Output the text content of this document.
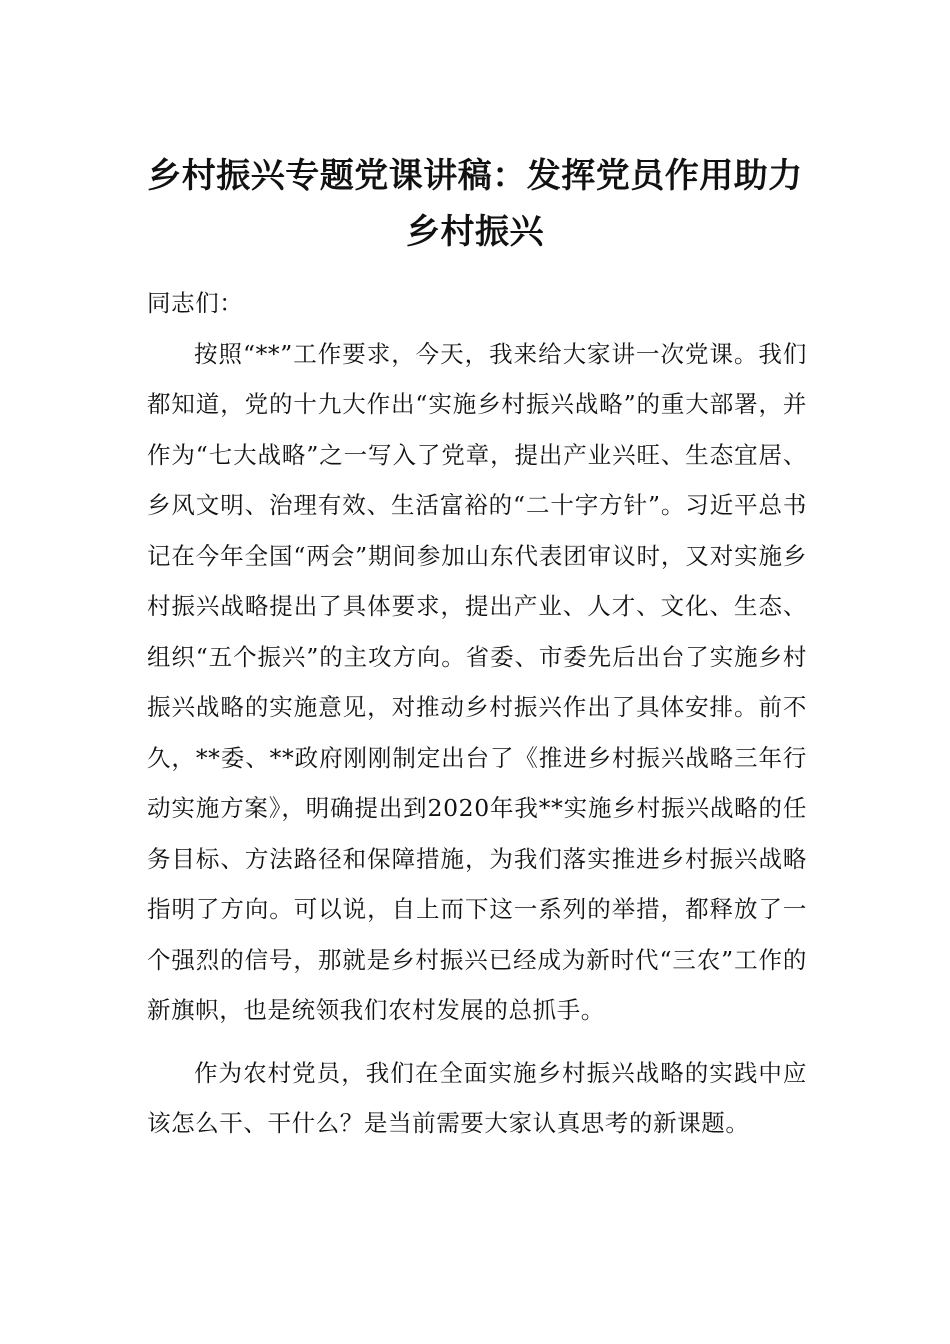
乡村振兴专题党课讲稿：发挥党员作用助力
乡村振兴

同志们：

按照“**”工作要求，今天，我来给大家讲一次党课。我们都知道，党的十九大作出“实施乡村振兴战略”的重大部署，并作为“七大战略”之一写入了党章，提出产业兴旺、生态宜居、乡风文明、治理有效、生活富裕的“二十字方针”。习近平总书记在今年全国“两会”期间参加山东代表团审议时，又对实施乡村振兴战略提出了具体要求，提出产业、人才、文化、生态、组织“五个振兴”的主攻方向。省委、市委先后出台了实施乡村振兴战略的实施意见，对推动乡村振兴作出了具体安排。前不久，**委、**政府刚刚制定出台了《推进乡村振兴战略三年行动实施方案》，明确提出到2020年我**实施乡村振兴战略的任务目标、方法路径和保障措施，为我们落实推进乡村振兴战略指明了方向。可以说，自上而下这一系列的举措，都释放了一个强烈的信号，那就是乡村振兴已经成为新时代“三农”工作的新旗帜，也是统领我们农村发展的总抓手。

作为农村党员，我们在全面实施乡村振兴战略的实践中应该怎么干、干什么？是当前需要大家认真思考的新课题。
